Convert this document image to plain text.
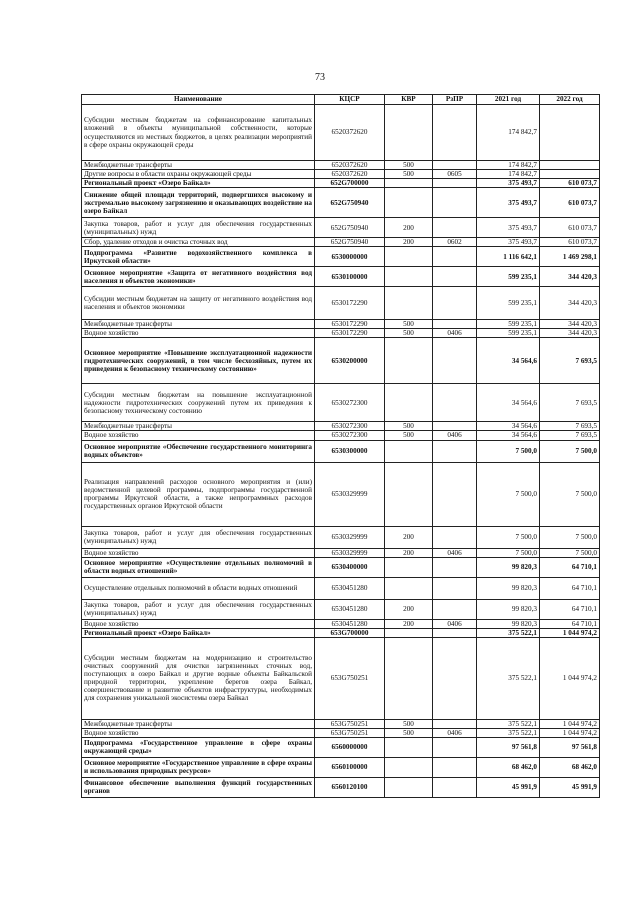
73
Наименование	КЦСР	КВР	РзПР	2021 год	2022 год
Субсидии местным бюджетам на софинансирование капитальных вложений в объекты муниципальной собственности, которые осуществляются из местных бюджетов, в целях реализации мероприятий в сфере охраны окружающей среды	6520372620			174 842,7	
Межбюджетные трансферты	6520372620	500		174 842,7	
Другие вопросы в области охраны окружающей среды	6520372620	500	0605	174 842,7	
Региональный проект «Озеро Байкал»	652G700000			375 493,7	610 073,7
Снижение общей площади территорий, подвергшихся высокому и экстремально высокому загрязнению и оказывающих воздействие на озеро Байкал	652G750940			375 493,7	610 073,7
Закупка товаров, работ и услуг для обеспечения государственных (муниципальных) нужд	652G750940	200		375 493,7	610 073,7
Сбор, удаление отходов и очистка сточных вод	652G750940	200	0602	375 493,7	610 073,7
Подпрограмма «Развитие водохозяйственного комплекса в Иркутской области»	6530000000			1 116 642,1	1 469 298,1
Основное мероприятие «Защита от негативного воздействия вод населения и объектов экономики»	6530100000			599 235,1	344 420,3
Субсидии местным бюджетам на защиту от негативного воздействия вод населения и объектов экономики	6530172290			599 235,1	344 420,3
Межбюджетные трансферты	6530172290	500		599 235,1	344 420,3
Водное хозяйство	6530172290	500	0406	599 235,1	344 420,3
Основное мероприятие «Повышение эксплуатационной надежности гидротехнических сооружений, в том числе бесхозяйных, путем их приведения к безопасному техническому состоянию»	6530200000			34 564,6	7 693,5
Субсидии местным бюджетам на повышение эксплуатационной надежности гидротехнических сооружений путем их приведения к безопасному техническому состоянию	6530272300			34 564,6	7 693,5
Межбюджетные трансферты	6530272300	500		34 564,6	7 693,5
Водное хозяйство	6530272300	500	0406	34 564,6	7 693,5
Основное мероприятие «Обеспечение государственного мониторинга водных объектов»	6530300000			7 500,0	7 500,0
Реализация направлений расходов основного мероприятия и (или) ведомственной целевой программы, подпрограммы государственной программы Иркутской области, а также непрограммных расходов государственных органов Иркутской области	6530329999			7 500,0	7 500,0
Закупка товаров, работ и услуг для обеспечения государственных (муниципальных) нужд	6530329999	200		7 500,0	7 500,0
Водное хозяйство	6530329999	200	0406	7 500,0	7 500,0
Основное мероприятие «Осуществление отдельных полномочий в области водных отношений»	6530400000			99 820,3	64 710,1
Осуществление отдельных полномочий в области водных отношений	6530451280			99 820,3	64 710,1
Закупка товаров, работ и услуг для обеспечения государственных (муниципальных) нужд	6530451280	200		99 820,3	64 710,1
Водное хозяйство	6530451280	200	0406	99 820,3	64 710,1
Региональный проект «Озеро Байкал»	653G700000			375 522,1	1 044 974,2
Субсидии местным бюджетам на модернизацию и строительство очистных сооружений для очистки загрязненных сточных вод, поступающих в озеро Байкал и другие водные объекты Байкальской природной территории, укрепление берегов озера Байкал, совершенствование и развитие объектов инфраструктуры, необходимых для сохранения уникальной экосистемы озера Байкал	653G750251			375 522,1	1 044 974,2
Межбюджетные трансферты	653G750251	500		375 522,1	1 044 974,2
Водное хозяйство	653G750251	500	0406	375 522,1	1 044 974,2
Подпрограмма «Государственное управление в сфере охраны окружающей среды»	6560000000			97 561,8	97 561,8
Основное мероприятие «Государственное управление в сфере охраны и использования природных ресурсов»	6560100000			68 462,0	68 462,0
Финансовое обеспечение выполнения функций государственных органов	6560120100			45 991,9	45 991,9
